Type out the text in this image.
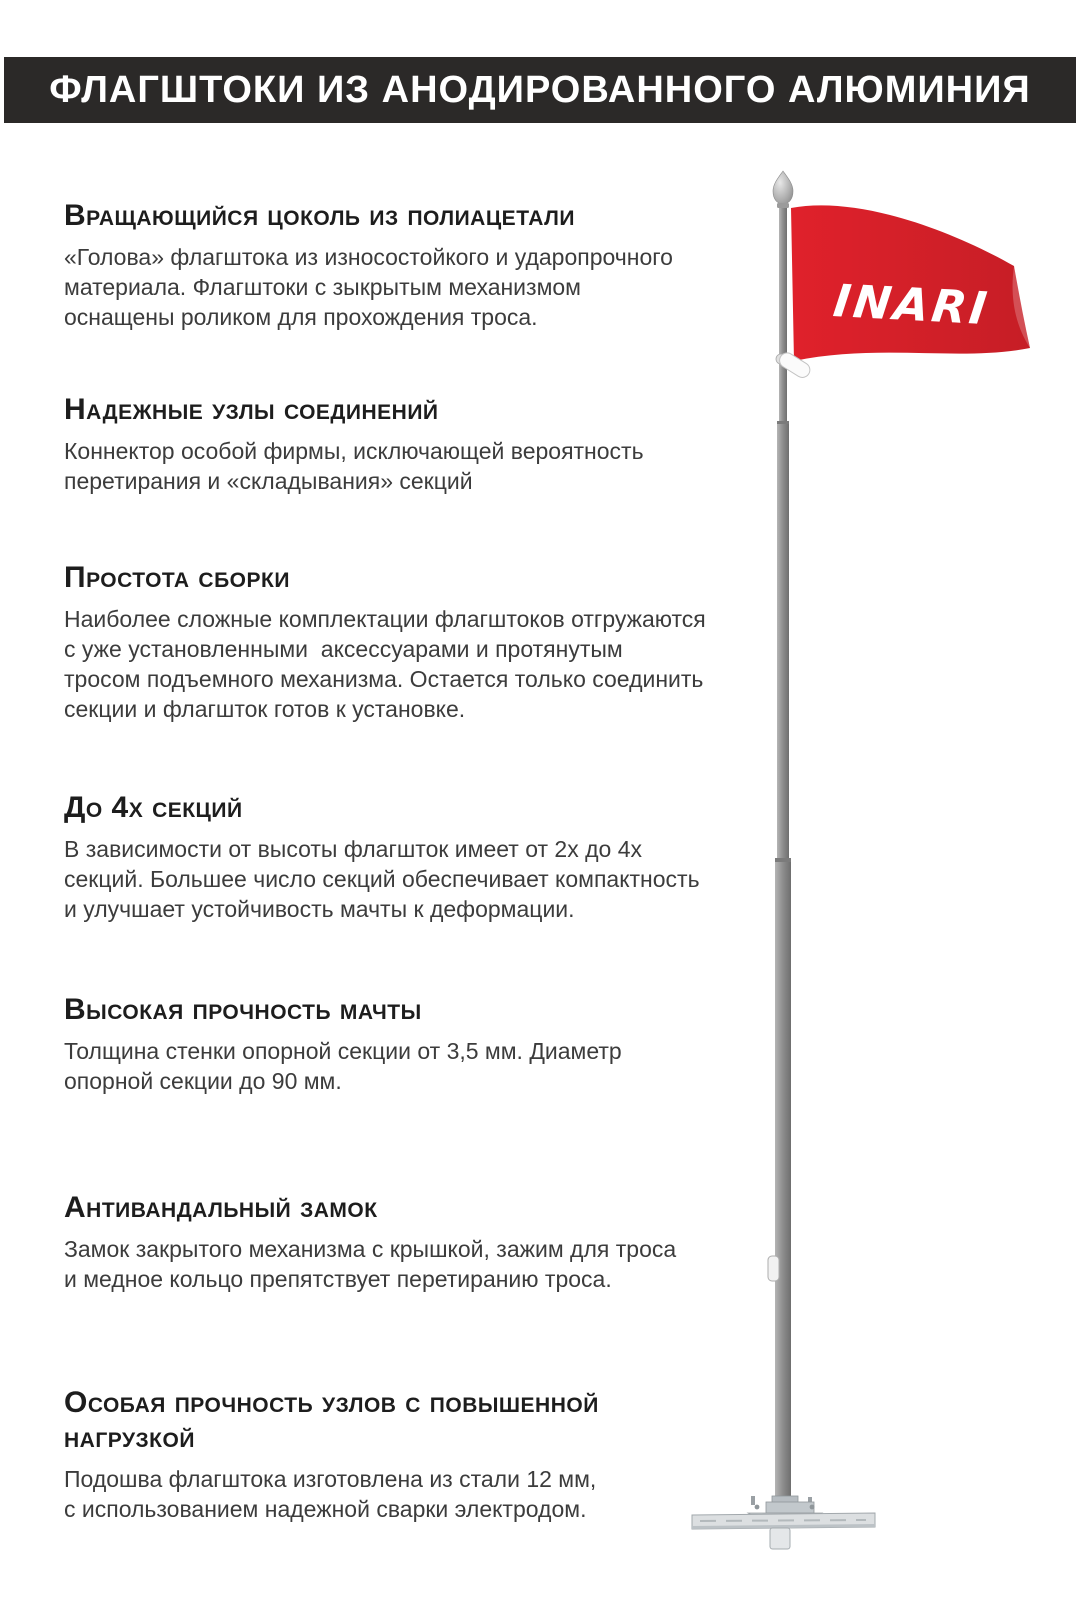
ФЛАГШТОКИ ИЗ АНОДИРОВАННОГО АЛЮМИНИЯ
Вращающийся цоколь из полиацетали
«Голова» флагштока из износостойкого и ударопрочного
материала. Флагштоки с зыкрытым механизмом
оснащены роликом для прохождения троса.
Надежные узлы соединений
Коннектор особой фирмы, исключающей вероятность
перетирания и «складывания» секций
Простота сборки
Наиболее сложные комплектации флагштоков отгружаются
с уже установленными  аксессуарами и протянутым
тросом подъемного механизма. Остается только соединить
секции и флагшток готов к установке.
До 4х секций
В зависимости от высоты флагшток имеет от 2х до 4х
секций. Большее число секций обеспечивает компактность
и улучшает устойчивость мачты к деформации.
Высокая прочность мачты
Толщина стенки опорной секции от 3,5 мм. Диаметр
опорной секции до 90 мм.
Антивандальный замок
Замок закрытого механизма с крышкой, зажим для троса
и медное кольцо препятствует перетиранию троса.
Особая прочность узлов с повышенной
нагрузкой
Подошва флагштока изготовлена из стали 12 мм,
с использованием надежной сварки электродом.
INARI
